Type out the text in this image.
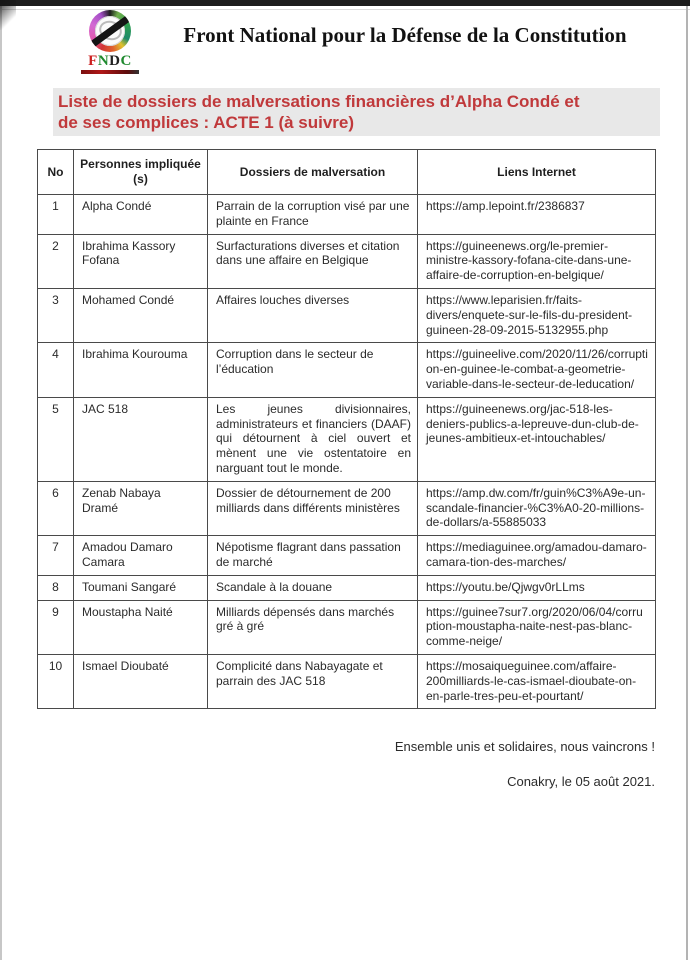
FNDC
Front National pour la Défense de la Constitution
Liste de dossiers de malversations financières d’Alpha Condé et
de ses complices : ACTE 1 (à suivre)
No	Personnes impliquée (s)	Dossiers de malversation	Liens Internet
1	Alpha Condé	Parrain de la corruption visé par une plainte en France	https://amp.lepoint.fr/2386837
2	Ibrahima Kassory Fofana	Surfacturations diverses et citation dans une affaire en Belgique	https://guineenews.org/le-premier-ministre-kassory-fofana-cite-dans-une-affaire-de-corruption-en-belgique/
3	Mohamed Condé	Affaires louches diverses	https://www.leparisien.fr/faits-divers/enquete-sur-le-fils-du-president-guineen-28-09-2015-5132955.php
4	Ibrahima Kourouma	Corruption dans le secteur de l’éducation	https://guineelive.com/2020/11/26/corruption-en-guinee-le-combat-a-geometrie-variable-dans-le-secteur-de-leducation/
5	JAC 518	Les jeunes divisionnaires, administrateurs et financiers (DAAF) qui détournent à ciel ouvert et mènent une vie ostentatoire en narguant tout le monde.	https://guineenews.org/jac-518-les-deniers-publics-a-lepreuve-dun-club-de-jeunes-ambitieux-et-intouchables/
6	Zenab Nabaya Dramé	Dossier de détournement de 200 milliards dans différents ministères	https://amp.dw.com/fr/guin%C3%A9e-un-scandale-financier-%C3%A0-20-millions-de-dollars/a-55885033
7	Amadou Damaro Camara	Népotisme flagrant dans passation de marché	https://mediaguinee.org/amadou-damaro-camara-tion-des-marches/
8	Toumani Sangaré	Scandale à la douane	https://youtu.be/Qjwgv0rLLms
9	Moustapha Naité	Milliards dépensés dans marchés gré à gré	https://guinee7sur7.org/2020/06/04/corruption-moustapha-naite-nest-pas-blanc-comme-neige/
10	Ismael Dioubaté	Complicité dans Nabayagate et parrain des JAC 518	https://mosaiqueguinee.com/affaire-200milliards-le-cas-ismael-dioubate-on-en-parle-tres-peu-et-pourtant/
Ensemble unis et solidaires, nous vaincrons !
Conakry, le 05 août 2021.
